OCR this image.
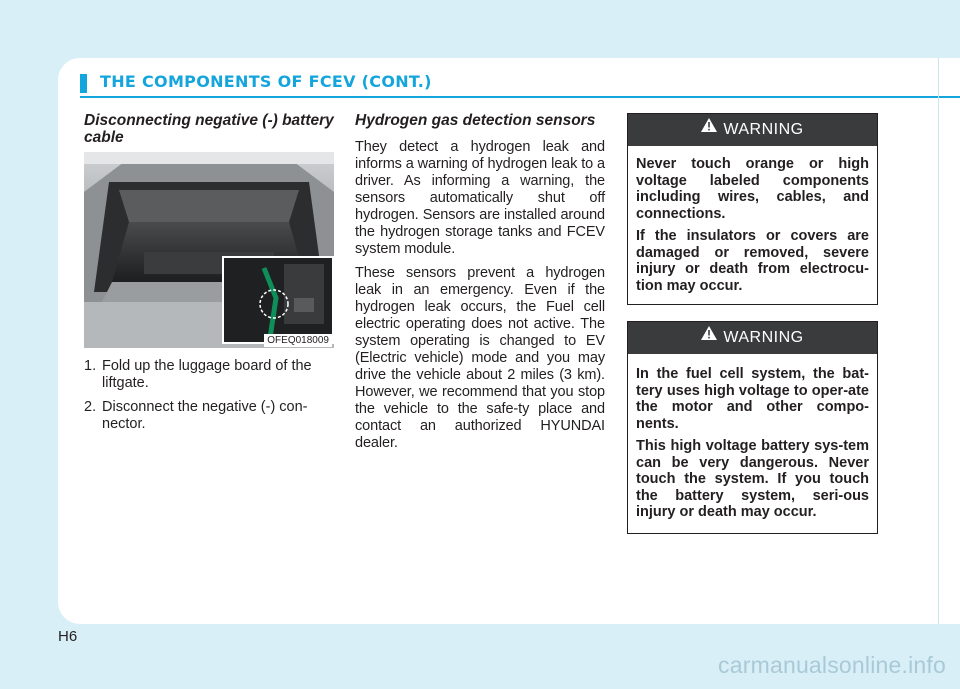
THE COMPONENTS OF FCEV (CONT.)
Disconnecting negative (-) battery cable
OFEQ018009
1. Fold up the luggage board of the liftgate.
2. Disconnect the negative (-) con-nector.
Hydrogen gas detection sensors

They detect a hydrogen leak and informs a warning of hydrogen leak to a driver. As informing a warning, the sensors automatically shut off hydrogen. Sensors are installed around the hydrogen storage tanks and FCEV system module.

These sensors prevent a hydrogen leak in an emergency. Even if the hydrogen leak occurs, the Fuel cell electric operating does not active. The system operating is changed to EV (Electric vehicle) mode and you may drive the vehicle about 2 miles (3 km). However, we recommend that you stop the vehicle to the safe-ty place and contact an authorized HYUNDAI dealer.

WARNING

Never touch orange or high voltage labeled components including wires, cables, and connections.

If the insulators or covers are damaged or removed, severe injury or death from electrocu-tion may occur.

WARNING

In the fuel cell system, the bat-tery uses high voltage to oper-ate the motor and other compo-nents.

This high voltage battery sys-tem can be very dangerous. Never touch the system. If you touch the battery system, seri-ous injury or death may occur.

H6
carmanualsonline.info
